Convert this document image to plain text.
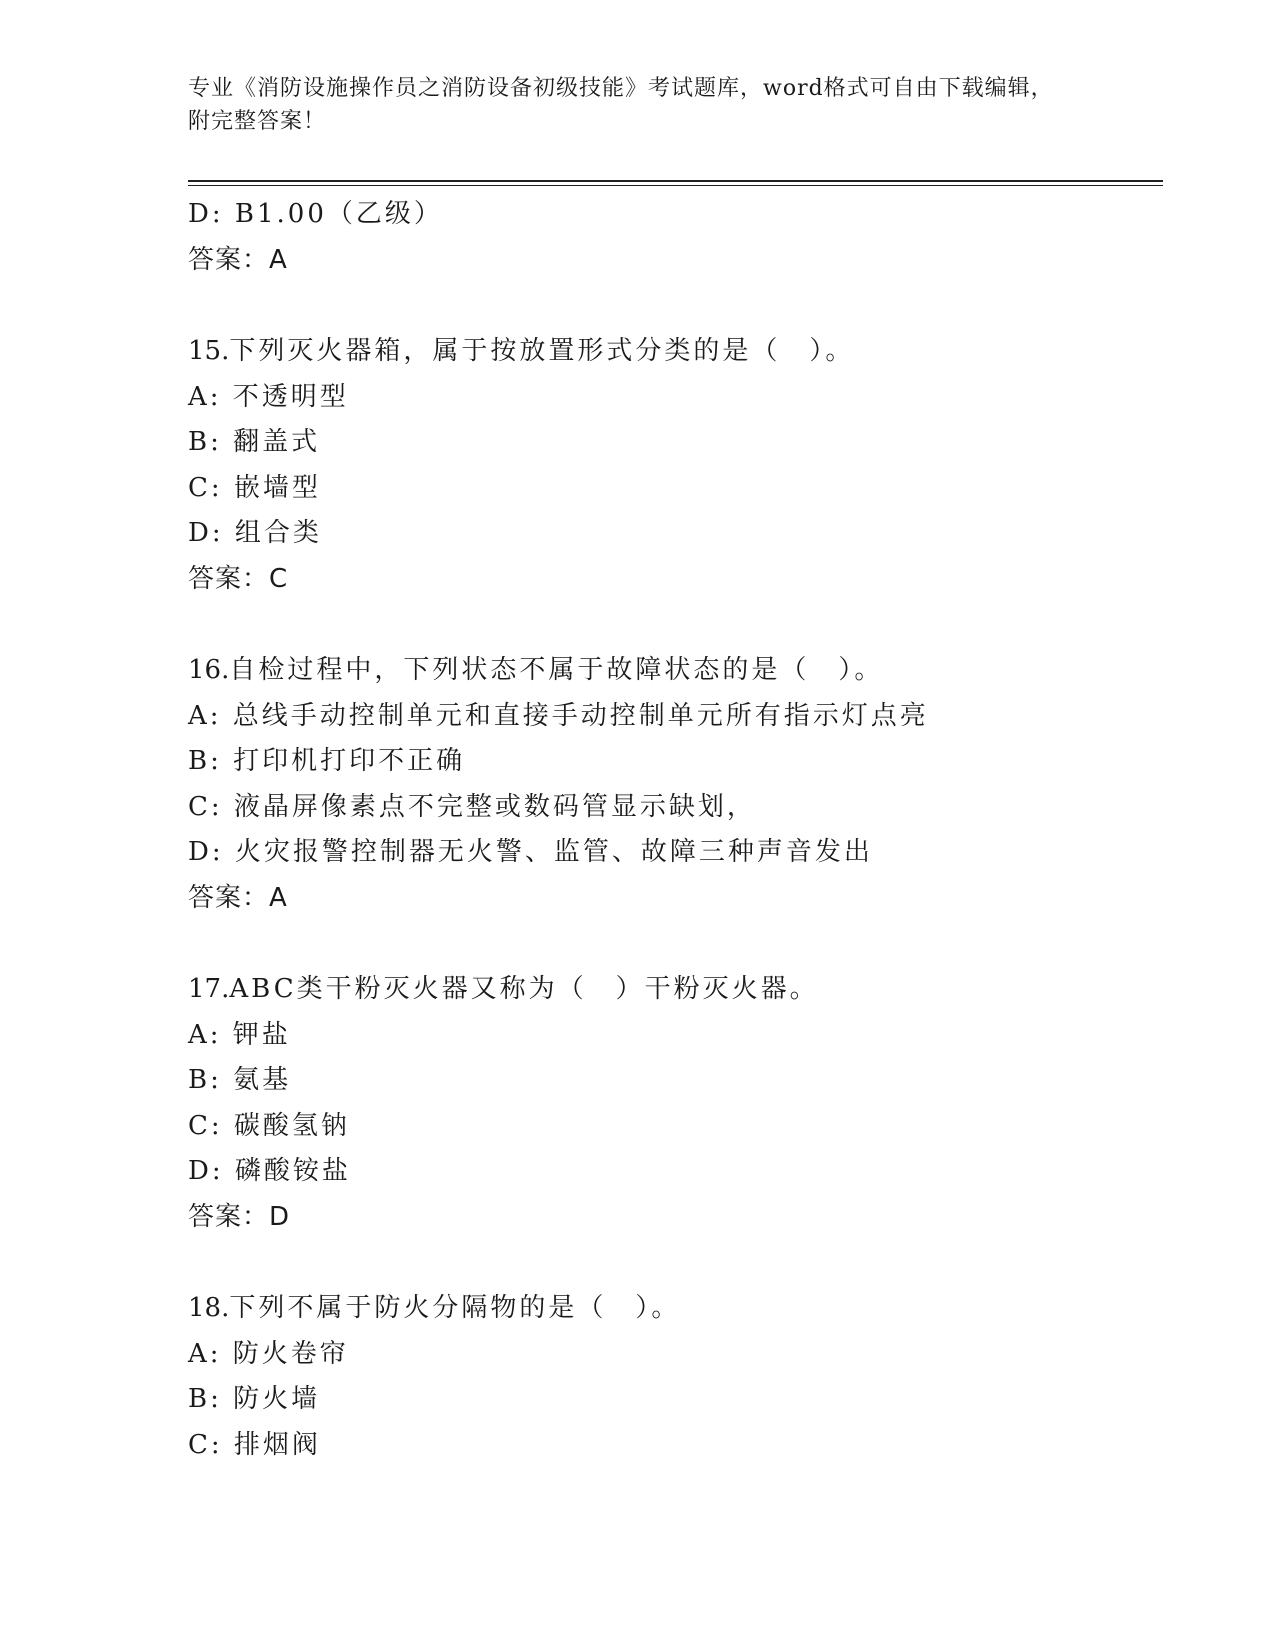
专业《消防设施操作员之消防设备初级技能》考试题库，word格式可自由下载编辑，附完整答案！
D: B1.00（乙级）
答案：A
15.下列灭火器箱，属于按放置形式分类的是（　）。
A: 不透明型
B: 翻盖式
C: 嵌墙型
D: 组合类
答案：C
16.自检过程中，下列状态不属于故障状态的是（　）。
A: 总线手动控制单元和直接手动控制单元所有指示灯点亮
B: 打印机打印不正确
C: 液晶屏像素点不完整或数码管显示缺划，
D: 火灾报警控制器无火警、监管、故障三种声音发出
答案：A
17.ABC类干粉灭火器又称为（　）干粉灭火器。
A: 钾盐
B: 氨基
C: 碳酸氢钠
D: 磷酸铵盐
答案：D
18.下列不属于防火分隔物的是（　）。
A: 防火卷帘
B: 防火墙
C: 排烟阀
